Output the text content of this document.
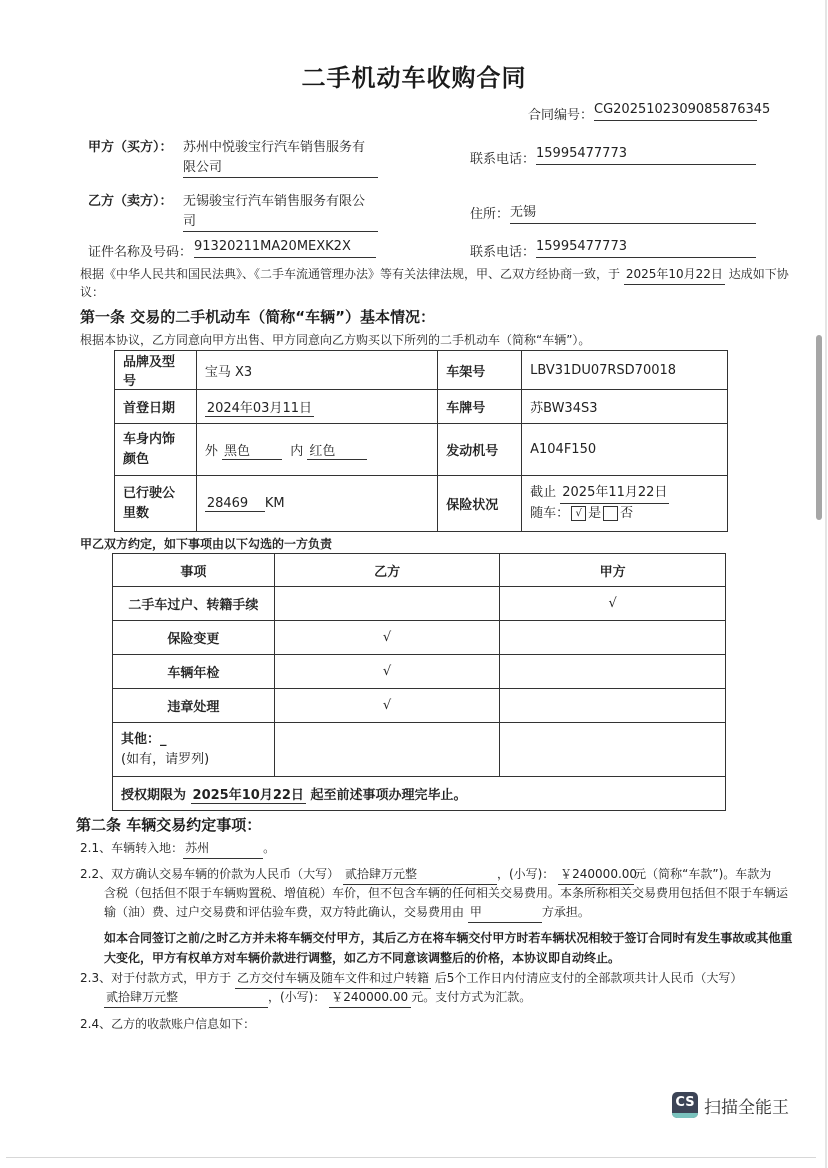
二手机动车收购合同
合同编号： CG2025102309085876345
甲方（买方）： 苏州中悦骏宝行汽车销售服务有
限公司
联系电话： 15995477773
乙方（卖方）： 无锡骏宝行汽车销售服务有限公
司	住所： 无锡
证件名称及号码： 91320211MA20MEXK2X	联系电话： 15995477773
根据《中华人民共和国民法典》、《二手车流通管理办法》等有关法律法规，甲、乙双方经协商一致，于 2025年10月22日 达成如下协
议：
第一条 交易的二手机动车（简称“车辆”）基本情况：
根据本协议，乙方同意向甲方出售、甲方同意向乙方购买以下所列的二手机动车（简称“车辆”）。
品牌及型号	宝马 X3	车架号	LBV31DU07RSD70018
首登日期	2024年03月11日	车牌号	苏BW34S3
车身内饰颜色	外 黑色 内 红色	发动机号	A104F150
已行驶公里数	28469 KM	保险状况	截止 2025年11月22日
随车： √ 是 否
甲乙双方约定，如下事项由以下勾选的一方负责
事项	乙方	甲方
二手车过户、转籍手续		√
保险变更	√	
车辆年检	√	
违章处理	√	
其他：_
(如有，请罗列)		
授权期限为 2025年10月22日 起至前述事项办理完毕止。		
第二条 车辆交易约定事项：
2.1、车辆转入地： 苏州	。
2.2、双方确认交易车辆的价款为人民币（大写） 贰拾肆万元整	，(小写)： ￥240000.00元（简称“车款”)。车款为
含税（包括但不限于车辆购置税、增值税）车价，但不包含车辆的任何相关交易费用。本条所称相关交易费用包括但不限于车辆运
输（油）费、过户交易费和评估验车费，双方特此确认，交易费用由 甲	方承担。
如本合同签订之前/之时乙方并未将车辆交付甲方，其后乙方在将车辆交付甲方时若车辆状况相较于签订合同时有发生事故或其他重
大变化，甲方有权单方对车辆价款进行调整，如乙方不同意该调整后的价格，本协议即自动终止。
2.3、对于付款方式，甲方于 乙方交付车辆及随车文件和过户转籍 后5个工作日内付清应支付的全部款项共计人民币（大写）
贰拾肆万元整	，(小写)： ￥240000.00 元。支付方式为汇款。
2.4、乙方的收款账户信息如下：
CS 扫描全能王
